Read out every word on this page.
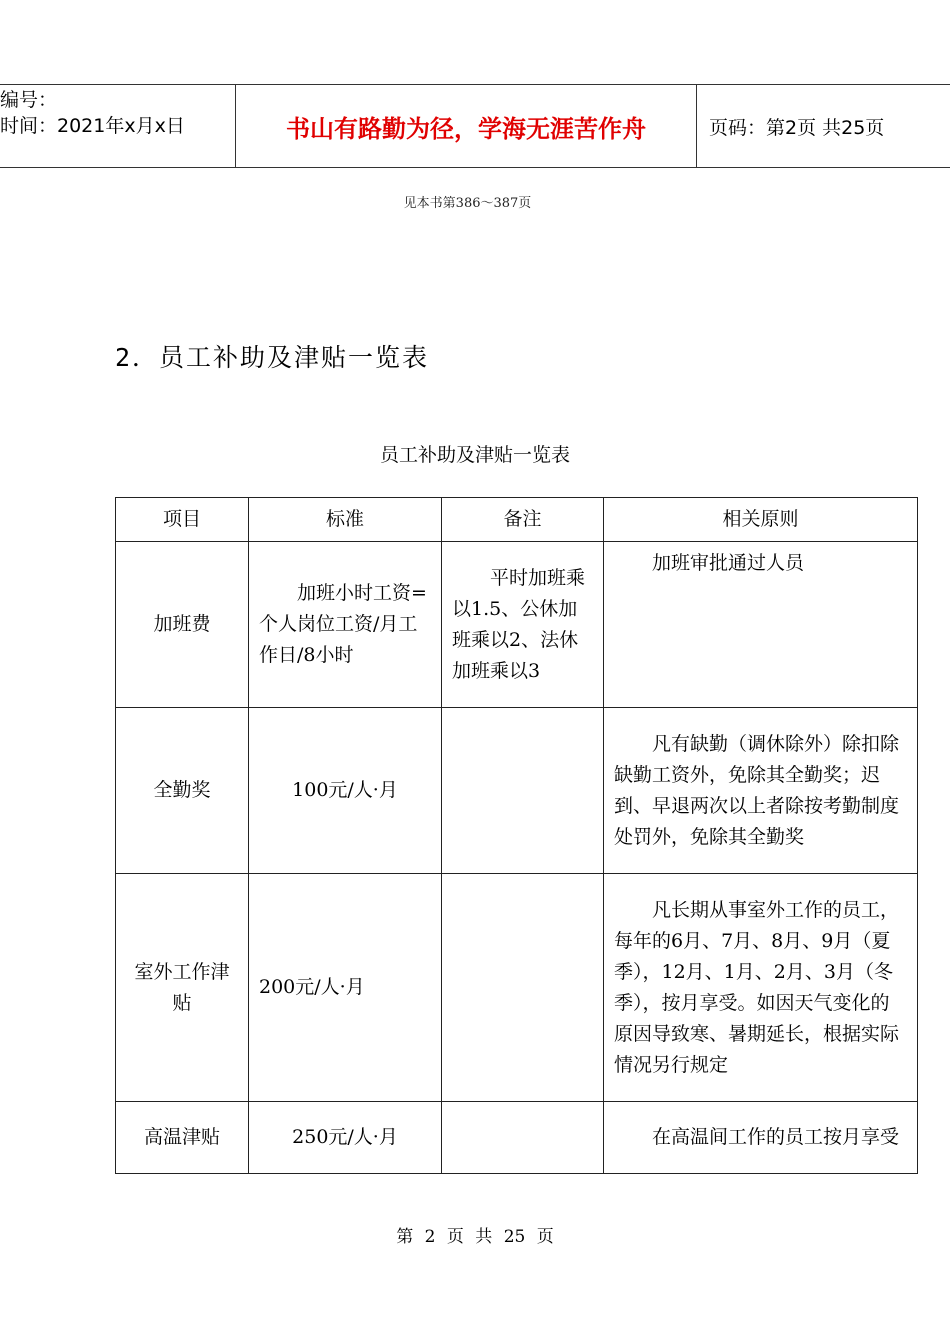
编号：
时间：2021年x月x日	书山有路勤为径，学海无涯苦作舟	页码：第2页 共25页
见本书第386～387页
2．员工补助及津贴一览表
员工补助及津贴一览表
项目	标准	备注	相关原则
加班费	加班小时工资=个人岗位工资/月工作日/8小时	平时加班乘以1.5、公休加班乘以2、法休加班乘以3	加班审批通过人员
全勤奖	100元/人·月		凡有缺勤（调休除外）除扣除缺勤工资外，免除其全勤奖；迟到、早退两次以上者除按考勤制度处罚外，免除其全勤奖
室外工作津贴	200元/人·月		凡长期从事室外工作的员工，每年的6月、7月、8月、9月（夏季），12月、1月、2月、3月（冬季），按月享受。如因天气变化的原因导致寒、暑期延长，根据实际情况另行规定
高温津贴	250元/人·月		在高温间工作的员工按月享受
第 2 页 共 25 页
